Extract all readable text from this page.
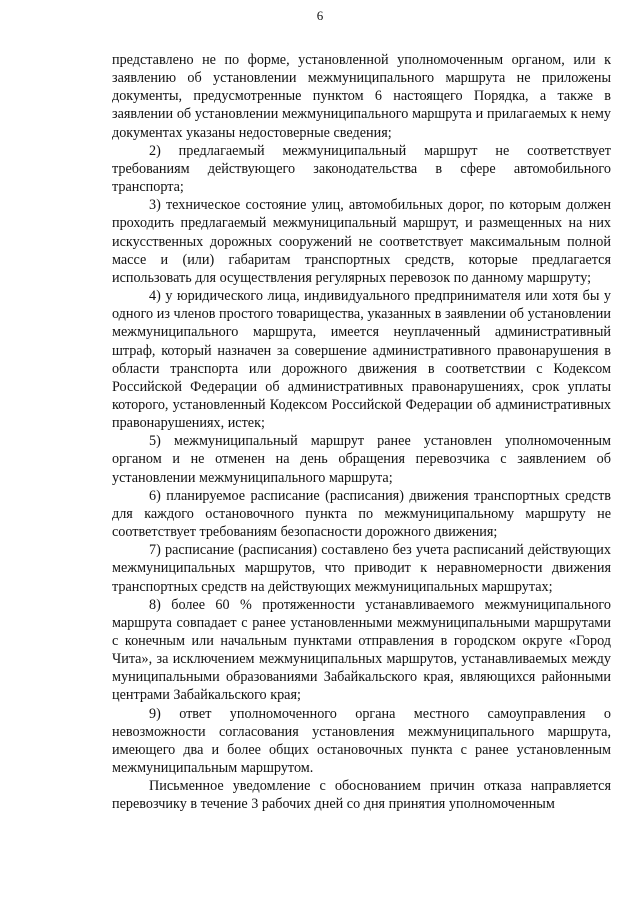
6

представлено не по форме, установленной уполномоченным органом, или к заявлению об установлении межмуниципального маршрута не приложены документы, предусмотренные пунктом 6 настоящего Порядка, а также в заявлении об установлении межмуниципального маршрута и прилагаемых к нему документах указаны недостоверные сведения;

2) предлагаемый межмуниципальный маршрут не соответствует требованиям действующего законодательства в сфере автомобильного транспорта;

3) техническое состояние улиц, автомобильных дорог, по которым должен проходить предлагаемый межмуниципальный маршрут, и размещенных на них искусственных дорожных сооружений не соответствует максимальным полной массе и (или) габаритам транспортных средств, которые предлагается использовать для осуществления регулярных перевозок по данному маршруту;

4) у юридического лица, индивидуального предпринимателя или хотя бы у одного из членов простого товарищества, указанных в заявлении об установлении межмуниципального маршрута, имеется неуплаченный административный штраф, который назначен за совершение административного правонарушения в области транспорта или дорожного движения в соответствии с Кодексом Российской Федерации об административных правонарушениях, срок уплаты которого, установленный Кодексом Российской Федерации об административных правонарушениях, истек;

5) межмуниципальный маршрут ранее установлен уполномоченным органом и не отменен на день обращения перевозчика с заявлением об установлении межмуниципального маршрута;

6) планируемое расписание (расписания) движения транспортных средств для каждого остановочного пункта по межмуниципальному маршруту не соответствует требованиям безопасности дорожного движения;

7) расписание (расписания) составлено без учета расписаний действующих межмуниципальных маршрутов, что приводит к неравномерности движения транспортных средств на действующих межмуниципальных маршрутах;

8) более 60 % протяженности устанавливаемого межмуниципального маршрута совпадает с ранее установленными межмуниципальными маршрутами с конечным или начальным пунктами отправления в городском округе «Город Чита», за исключением межмуниципальных маршрутов, устанавливаемых между муниципальными образованиями Забайкальского края, являющихся районными центрами Забайкальского края;

9) ответ уполномоченного органа местного самоуправления о невозможности согласования установления межмуниципального маршрута, имеющего два и более общих остановочных пункта с ранее установленным межмуниципальным маршрутом.

Письменное уведомление с обоснованием причин отказа направляется перевозчику в течение 3 рабочих дней со дня принятия уполномоченным
